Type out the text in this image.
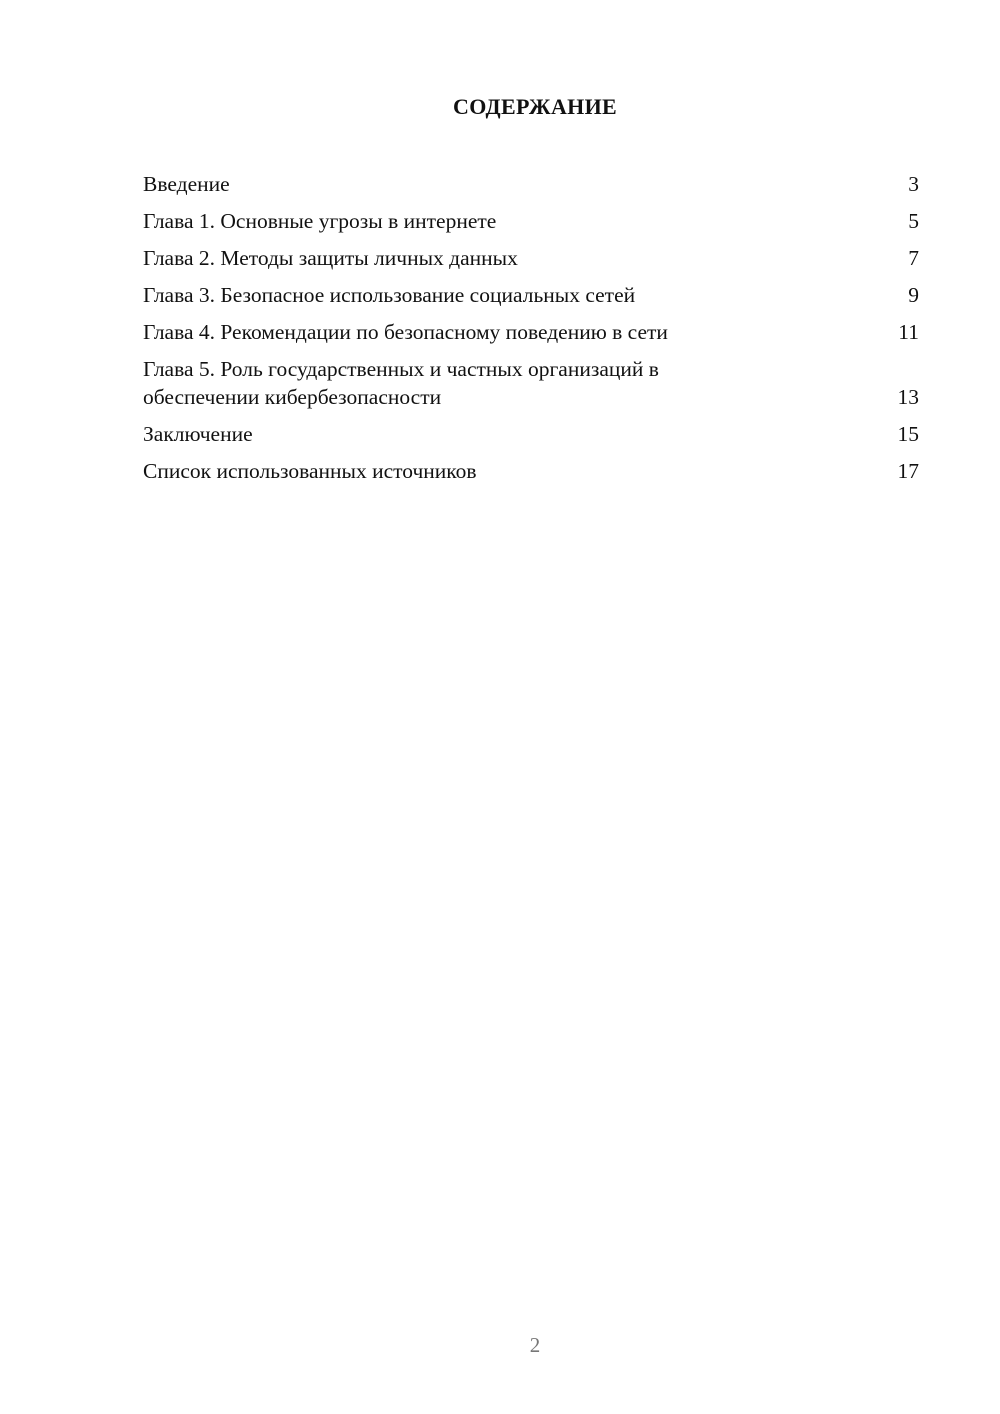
СОДЕРЖАНИЕ
Введение	3
Глава 1. Основные угрозы в интернете	5
Глава 2. Методы защиты личных данных	7
Глава 3. Безопасное использование социальных сетей	9
Глава 4. Рекомендации по безопасному поведению в сети	11
Глава 5. Роль государственных и частных организаций в обеспечении кибербезопасности	13
Заключение	15
Список использованных источников	17
2
